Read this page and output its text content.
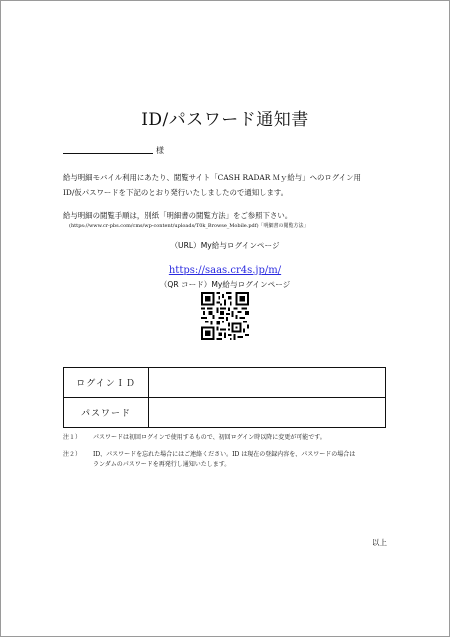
ID/パスワード通知書
様
給与明細モバイル利用にあたり、閲覧サイト「CASH RADAR Ｍｙ給与」へのログイン用
ID/仮パスワードを下記のとおり発行いたしましたので通知します。
給与明細の閲覧手順は，別紙「明細書の閲覧方法」をご参照下さい。
(https://www.cr-pbs.com/cms/wp-content/uploads/T0k_Browse_Mobile.pdf)「明細書の閲覧方法」
（URL）My給与ログインページ
https://saas.cr4s.jp/m/
（QR コード）My給与ログインページ
ログインＩＤ	
パスワード	
注１） パスワードは初回ログインで使用するもので、初回ログイン時以降に変更が可能です。
注２） ID、パスワードを忘れた場合にはご連絡ください。ID は現在の登録内容を、パスワードの場合は
ランダムのパスワードを再発行し通知いたします。
以上
